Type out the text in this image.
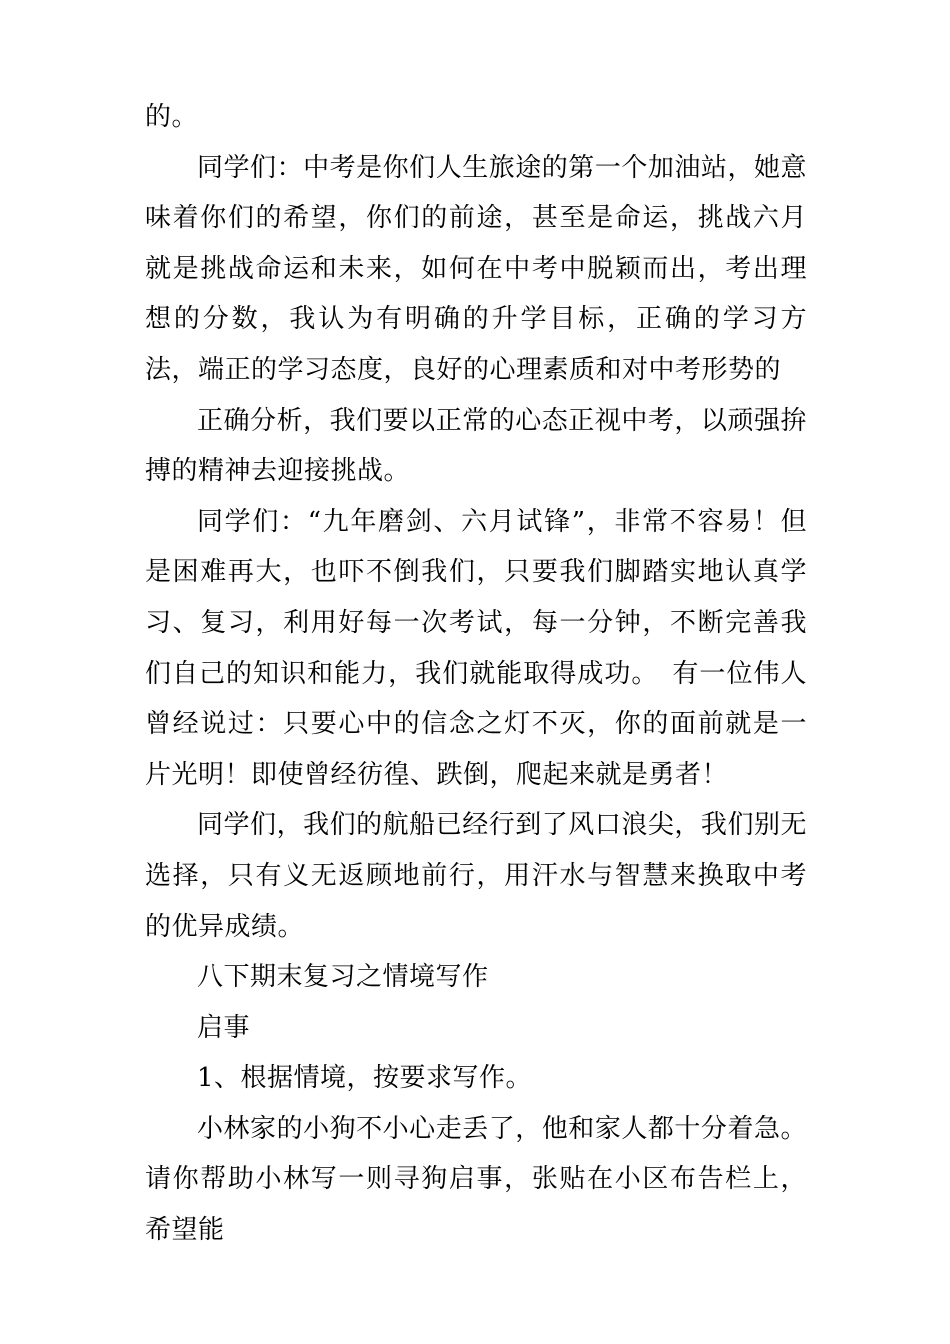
的。

同学们：中考是你们人生旅途的第一个加油站，她意味着你们的希望，你们的前途，甚至是命运，挑战六月就是挑战命运和未来，如何在中考中脱颖而出，考出理想的分数，我认为有明确的升学目标，正确的学习方法，端正的学习态度，良好的心理素质和对中考形势的

正确分析，我们要以正常的心态正视中考，以顽强拚搏的精神去迎接挑战。

同学们：“九年磨剑、六月试锋”，非常不容易！但是困难再大，也吓不倒我们，只要我们脚踏实地认真学习、复习，利用好每一次考试，每一分钟，不断完善我们自己的知识和能力，我们就能取得成功。　有一位伟人曾经说过：只要心中的信念之灯不灭，你的面前就是一片光明！即使曾经彷徨、跌倒，爬起来就是勇者！

同学们，我们的航船已经行到了风口浪尖，我们别无选择，只有义无返顾地前行，用汗水与智慧来换取中考的优异成绩。

八下期末复习之情境写作

启事

1、根据情境，按要求写作。

小林家的小狗不小心走丢了，他和家人都十分着急。请你帮助小林写一则寻狗启事，张贴在小区布告栏上，希望能
